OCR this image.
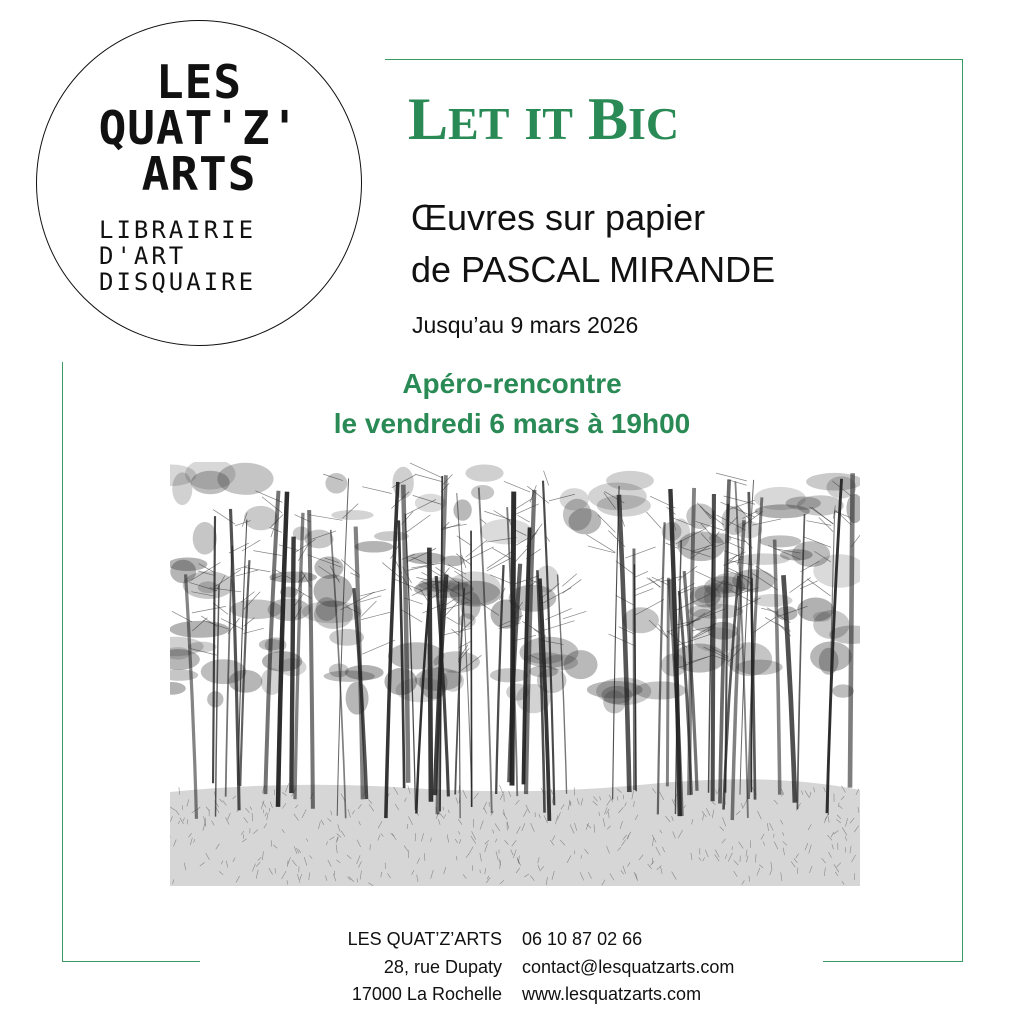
LES
QUAT'Z'
ARTS
LIBRAIRIE
D'ART
DISQUAIRE
LET IT BIC
Œuvres sur papier
de PASCAL MIRANDE
Jusqu’au 9 mars 2026
Apéro-rencontre
le vendredi 6 mars à 19h00
LES QUAT’Z’ARTS
28, rue Dupaty
17000 La Rochelle
06 10 87 02 66
contact@lesquatzarts.com
www.lesquatzarts.com
